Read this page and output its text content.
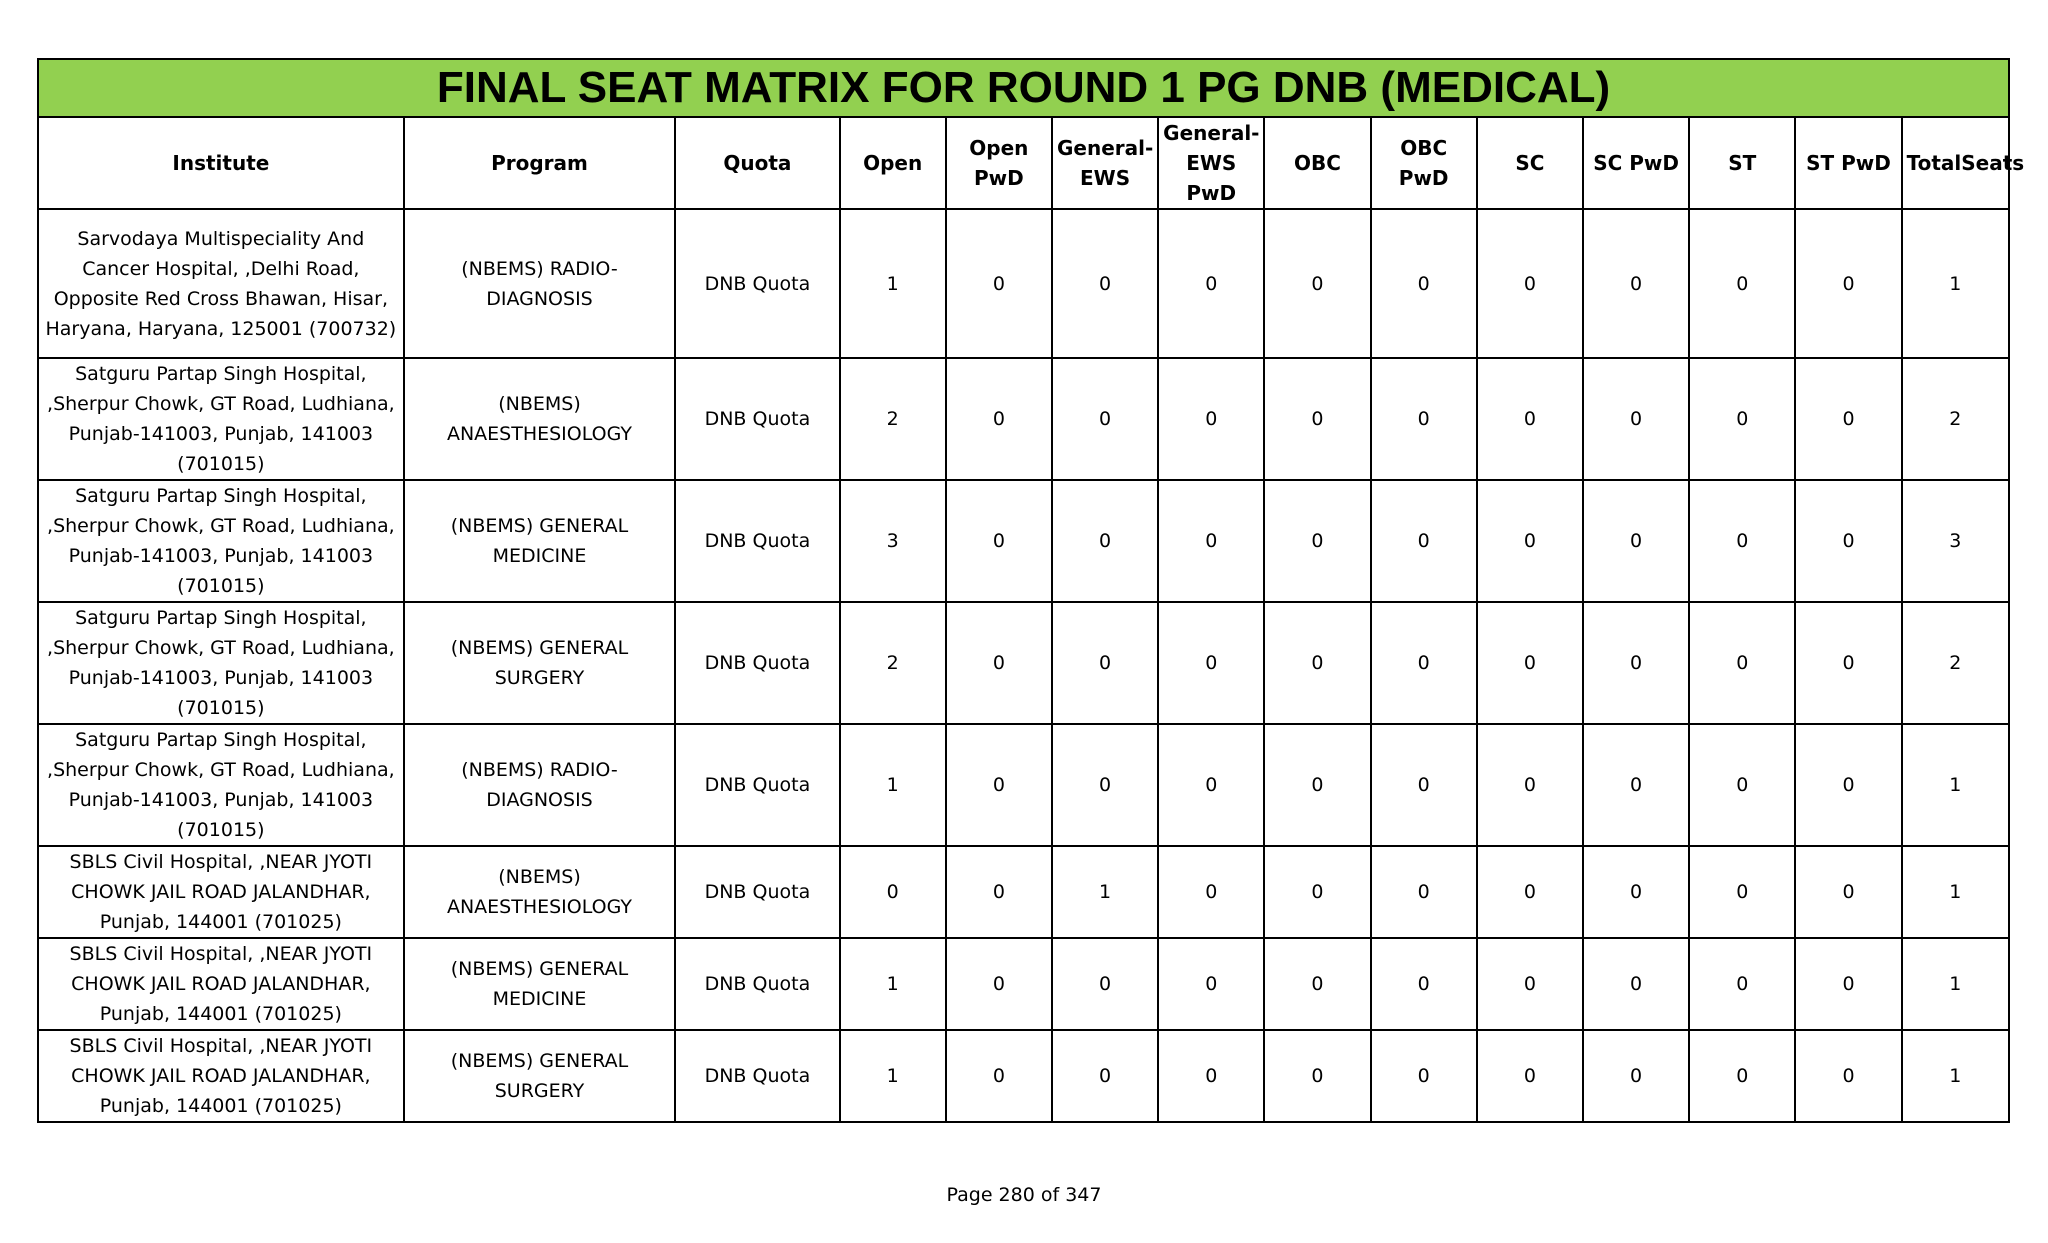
FINAL SEAT MATRIX FOR ROUND 1 PG DNB (MEDICAL)													
Institute	Program	Quota	Open	Open PwD	General-EWS	General-EWS PwD	OBC	OBC PwD	SC	SC PwD	ST	ST PwD	TotalSeats
Sarvodaya Multispeciality And Cancer Hospital, ,Delhi Road, Opposite Red Cross Bhawan, Hisar, Haryana, Haryana, 125001 (700732)	(NBEMS) RADIO-DIAGNOSIS	DNB Quota	1	0	0	0	0	0	0	0	0	0	1
Satguru Partap Singh Hospital, ,Sherpur Chowk, GT Road, Ludhiana, Punjab-141003, Punjab, 141003 (701015)	(NBEMS) ANAESTHESIOLOGY	DNB Quota	2	0	0	0	0	0	0	0	0	0	2
Satguru Partap Singh Hospital, ,Sherpur Chowk, GT Road, Ludhiana, Punjab-141003, Punjab, 141003 (701015)	(NBEMS) GENERAL MEDICINE	DNB Quota	3	0	0	0	0	0	0	0	0	0	3
Satguru Partap Singh Hospital, ,Sherpur Chowk, GT Road, Ludhiana, Punjab-141003, Punjab, 141003 (701015)	(NBEMS) GENERAL SURGERY	DNB Quota	2	0	0	0	0	0	0	0	0	0	2
Satguru Partap Singh Hospital, ,Sherpur Chowk, GT Road, Ludhiana, Punjab-141003, Punjab, 141003 (701015)	(NBEMS) RADIO-DIAGNOSIS	DNB Quota	1	0	0	0	0	0	0	0	0	0	1
SBLS Civil Hospital, ,NEAR JYOTI CHOWK JAIL ROAD JALANDHAR, Punjab, 144001 (701025)	(NBEMS) ANAESTHESIOLOGY	DNB Quota	0	0	1	0	0	0	0	0	0	0	1
SBLS Civil Hospital, ,NEAR JYOTI CHOWK JAIL ROAD JALANDHAR, Punjab, 144001 (701025)	(NBEMS) GENERAL MEDICINE	DNB Quota	1	0	0	0	0	0	0	0	0	0	1
SBLS Civil Hospital, ,NEAR JYOTI CHOWK JAIL ROAD JALANDHAR, Punjab, 144001 (701025)	(NBEMS) GENERAL SURGERY	DNB Quota	1	0	0	0	0	0	0	0	0	0	1
Page 280 of 347
